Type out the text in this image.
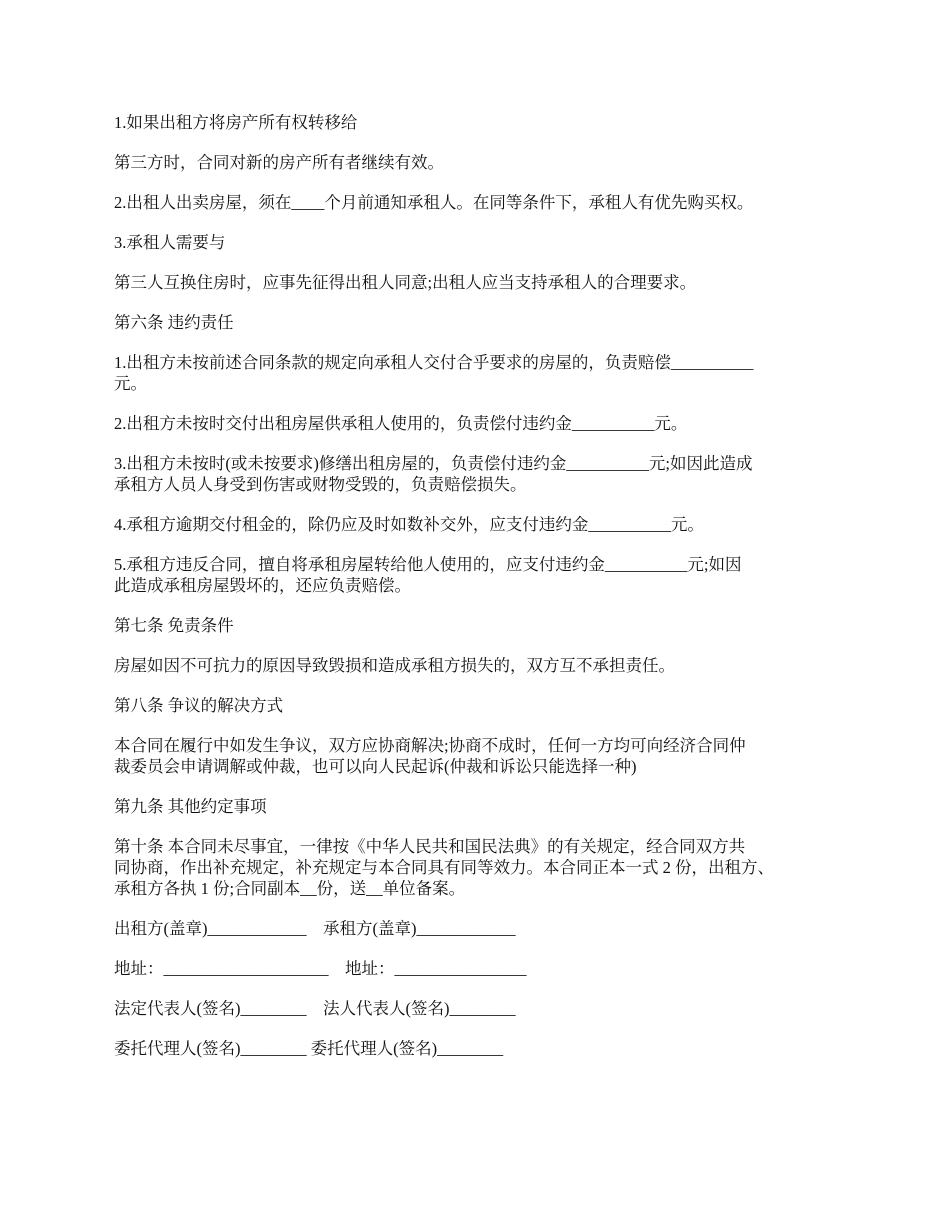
1.如果出租方将房产所有权转移给

第三方时，合同对新的房产所有者继续有效。

2.出租人出卖房屋，须在____个月前通知承租人。在同等条件下，承租人有优先购买权。

3.承租人需要与

第三人互换住房时，应事先征得出租人同意;出租人应当支持承租人的合理要求。

第六条 违约责任

1.出租方未按前述合同条款的规定向承租人交付合乎要求的房屋的，负责赔偿__________
元。

2.出租方未按时交付出租房屋供承租人使用的，负责偿付违约金__________元。

3.出租方未按时(或未按要求)修缮出租房屋的，负责偿付违约金__________元;如因此造成
承租方人员人身受到伤害或财物受毁的，负责赔偿损失。

4.承租方逾期交付租金的，除仍应及时如数补交外，应支付违约金__________元。

5.承租方违反合同，擅自将承租房屋转给他人使用的，应支付违约金__________元;如因
此造成承租房屋毁坏的，还应负责赔偿。

第七条 免责条件

房屋如因不可抗力的原因导致毁损和造成承租方损失的，双方互不承担责任。

第八条 争议的解决方式

本合同在履行中如发生争议，双方应协商解决;协商不成时，任何一方均可向经济合同仲
裁委员会申请调解或仲裁，也可以向人民起诉(仲裁和诉讼只能选择一种)

第九条 其他约定事项

第十条 本合同未尽事宜，一律按《中华人民共和国民法典》的有关规定，经合同双方共
同协商，作出补充规定，补充规定与本合同具有同等效力。本合同正本一式 2 份，出租方、
承租方各执 1 份;合同副本__份，送__单位备案。

出租方(盖章)____________    承租方(盖章)____________

地址：____________________    地址：________________

法定代表人(签名)________    法人代表人(签名)________

委托代理人(签名)________ 委托代理人(签名)________
